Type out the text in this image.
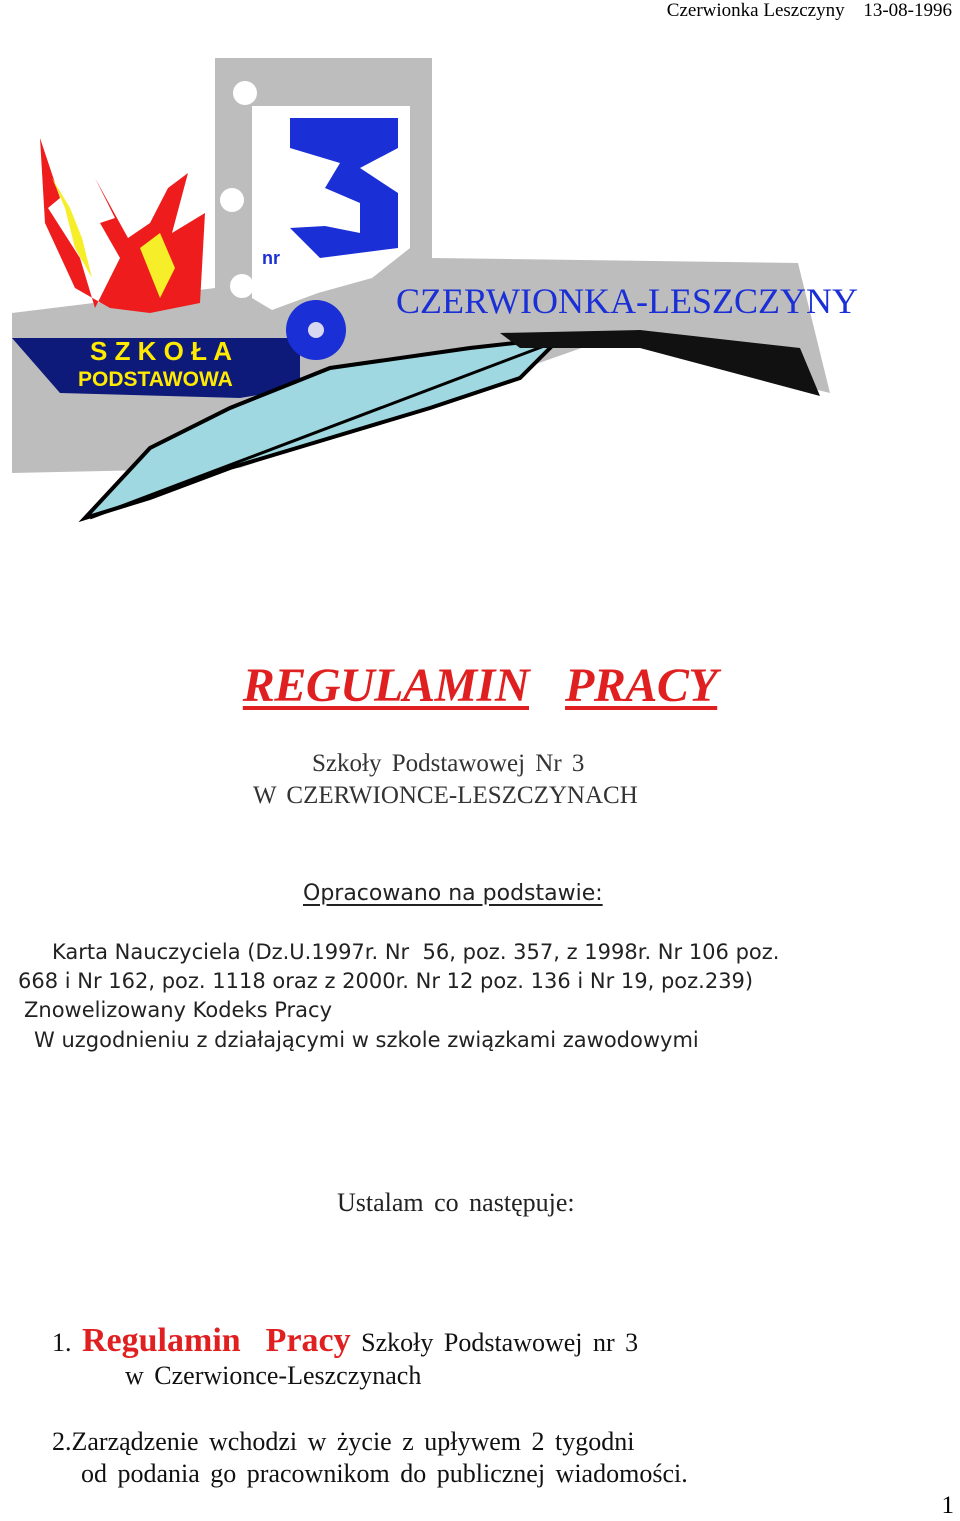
Czerwionka Leszczyny 13-08-1996
nr
S Z K O Ł A
PODSTAWOWA
CZERWIONKA-LESZCZYNY
REGULAMIN PRACY
Szkoły Podstawowej Nr 3
W CZERWIONCE-LESZCZYNACH
Opracowano na podstawie:
Karta Nauczyciela (Dz.U.1997r. Nr  56, poz. 357, z 1998r. Nr 106 poz.
668 i Nr 162, poz. 1118 oraz z 2000r. Nr 12 poz. 136 i Nr 19, poz.239)
Znowelizowany Kodeks Pracy
W uzgodnieniu z działającymi w szkole związkami zawodowymi
Ustalam co następuje:
1. Regulamin  Pracy Szkoły Podstawowej nr 3
w Czerwionce-Leszczynach
2.Zarządzenie wchodzi w życie z upływem 2 tygodni
od podania go pracownikom do publicznej wiadomości.
1
